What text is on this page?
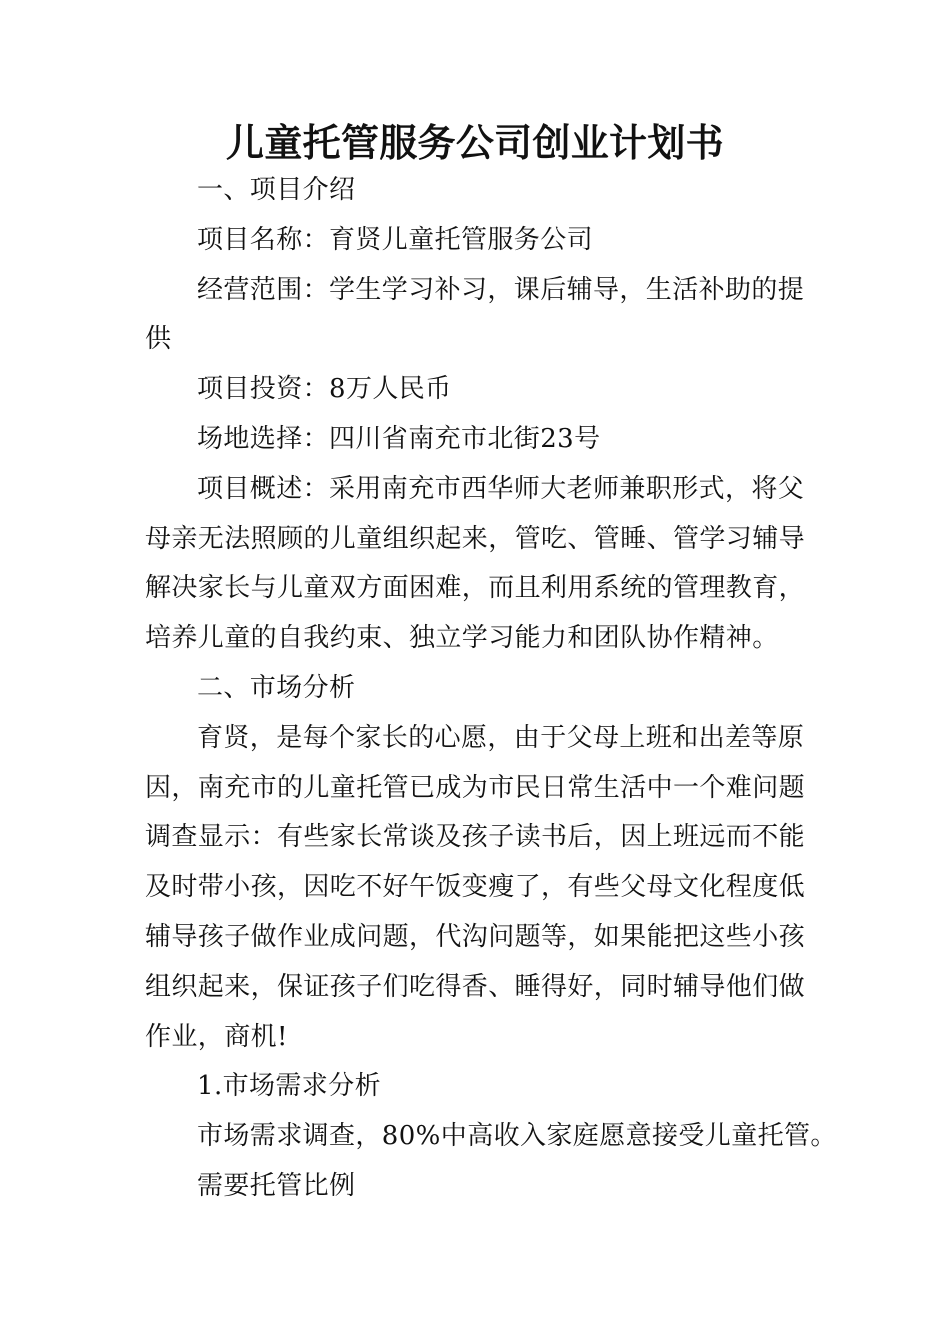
儿童托管服务公司创业计划书
一、项目介绍
项目名称：育贤儿童托管服务公司
经营范围：学生学习补习，课后辅导，生活补助的提
供
项目投资：8万人民币
场地选择：四川省南充市北街23号
项目概述：采用南充市西华师大老师兼职形式，将父
母亲无法照顾的儿童组织起来，管吃、管睡、管学习辅导
解决家长与儿童双方面困难，而且利用系统的管理教育，
培养儿童的自我约束、独立学习能力和团队协作精神。
二、市场分析
育贤，是每个家长的心愿，由于父母上班和出差等原
因，南充市的儿童托管已成为市民日常生活中一个难问题
调查显示：有些家长常谈及孩子读书后，因上班远而不能
及时带小孩，因吃不好午饭变瘦了，有些父母文化程度低
辅导孩子做作业成问题，代沟问题等，如果能把这些小孩
组织起来，保证孩子们吃得香、睡得好，同时辅导他们做
作业，商机!
1.市场需求分析
市场需求调查，80%中高收入家庭愿意接受儿童托管。
需要托管比例
